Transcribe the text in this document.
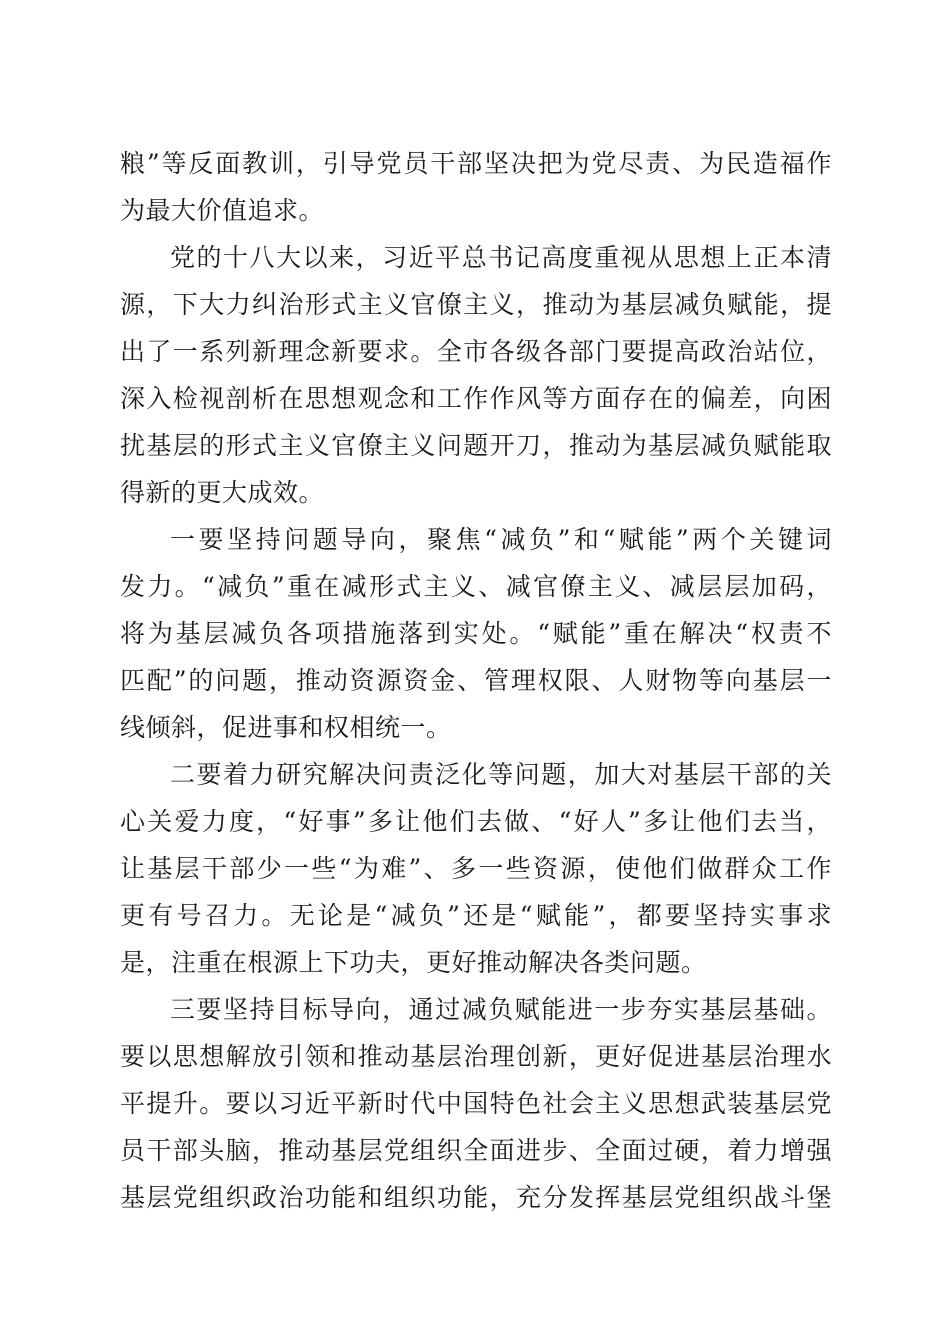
粮”等反面教训，引导党员干部坚决把为党尽责、为民造福作
为最大价值追求。
党的十八大以来，习近平总书记高度重视从思想上正本清
源，下大力纠治形式主义官僚主义，推动为基层减负赋能，提
出了一系列新理念新要求。全市各级各部门要提高政治站位，
深入检视剖析在思想观念和工作作风等方面存在的偏差，向困
扰基层的形式主义官僚主义问题开刀，推动为基层减负赋能取
得新的更大成效。
一要坚持问题导向，聚焦“减负”和“赋能”两个关键词
发力。“减负”重在减形式主义、减官僚主义、减层层加码，
将为基层减负各项措施落到实处。“赋能”重在解决“权责不
匹配”的问题，推动资源资金、管理权限、人财物等向基层一
线倾斜，促进事和权相统一。
二要着力研究解决问责泛化等问题，加大对基层干部的关
心关爱力度，“好事”多让他们去做、“好人”多让他们去当，
让基层干部少一些“为难”、多一些资源，使他们做群众工作
更有号召力。无论是“减负”还是“赋能”，都要坚持实事求
是，注重在根源上下功夫，更好推动解决各类问题。
三要坚持目标导向，通过减负赋能进一步夯实基层基础。
要以思想解放引领和推动基层治理创新，更好促进基层治理水
平提升。要以习近平新时代中国特色社会主义思想武装基层党
员干部头脑，推动基层党组织全面进步、全面过硬，着力增强
基层党组织政治功能和组织功能，充分发挥基层党组织战斗堡
